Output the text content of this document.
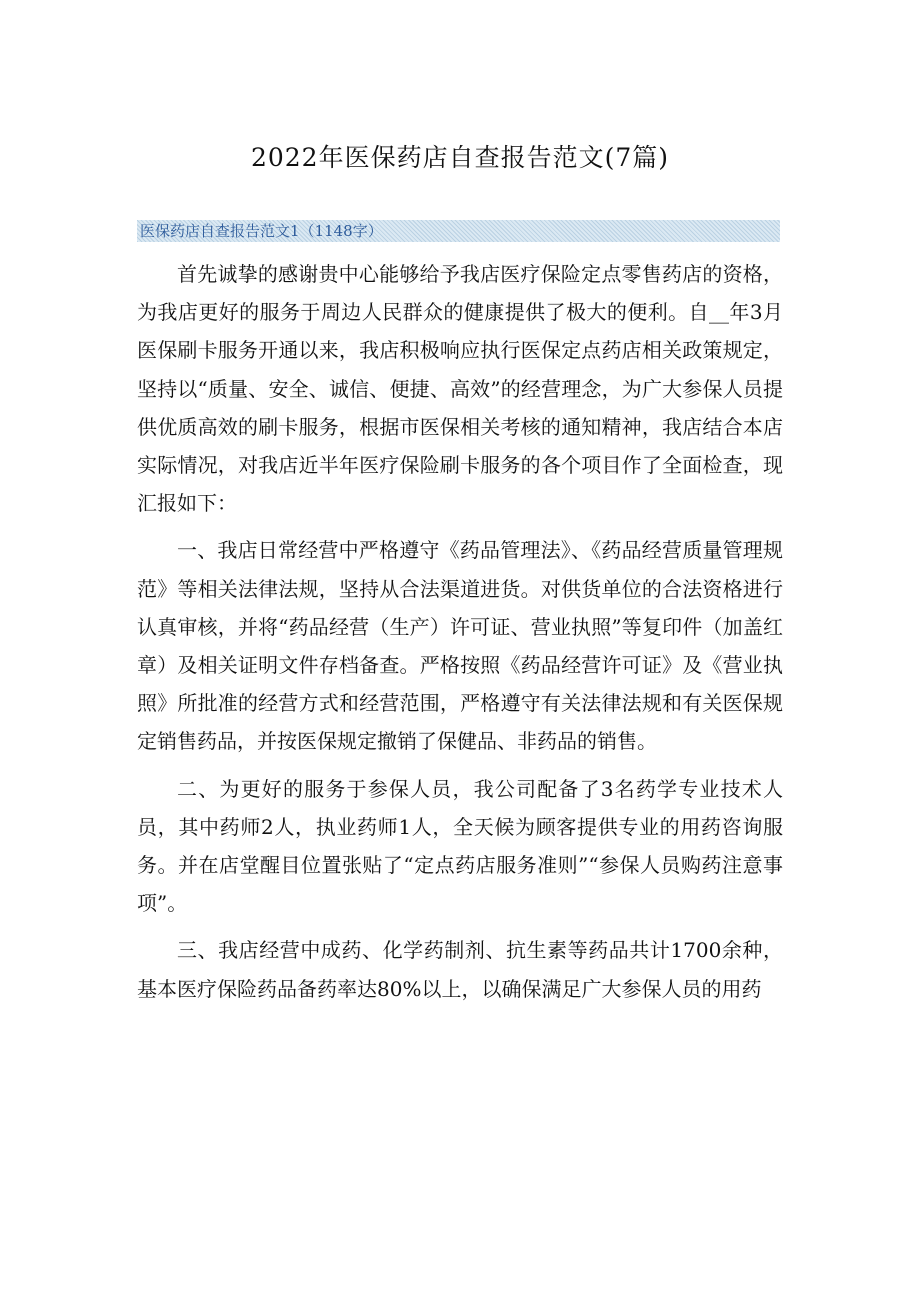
2022年医保药店自查报告范文(7篇)
医保药店自查报告范文1（1148字）

首先诚挚的感谢贵中心能够给予我店医疗保险定点零售药店的资格，为我店更好的服务于周边人民群众的健康提供了极大的便利。自__年3月医保刷卡服务开通以来，我店积极响应执行医保定点药店相关政策规定，坚持以“质量、安全、诚信、便捷、高效”的经营理念，为广大参保人员提供优质高效的刷卡服务，根据市医保相关考核的通知精神，我店结合本店实际情况，对我店近半年医疗保险刷卡服务的各个项目作了全面检查，现汇报如下：

一、我店日常经营中严格遵守《药品管理法》、《药品经营质量管理规范》等相关法律法规，坚持从合法渠道进货。对供货单位的合法资格进行认真审核，并将“药品经营（生产）许可证、营业执照”等复印件（加盖红章）及相关证明文件存档备查。严格按照《药品经营许可证》及《营业执照》所批准的经营方式和经营范围，严格遵守有关法律法规和有关医保规定销售药品，并按医保规定撤销了保健品、非药品的销售。

二、为更好的服务于参保人员，我公司配备了3名药学专业技术人员，其中药师2人，执业药师1人，全天候为顾客提供专业的用药咨询服务。并在店堂醒目位置张贴了“定点药店服务准则”“参保人员购药注意事项”。

三、我店经营中成药、化学药制剂、抗生素等药品共计1700余种，基本医疗保险药品备药率达80%以上，以确保满足广大参保人员的用药
